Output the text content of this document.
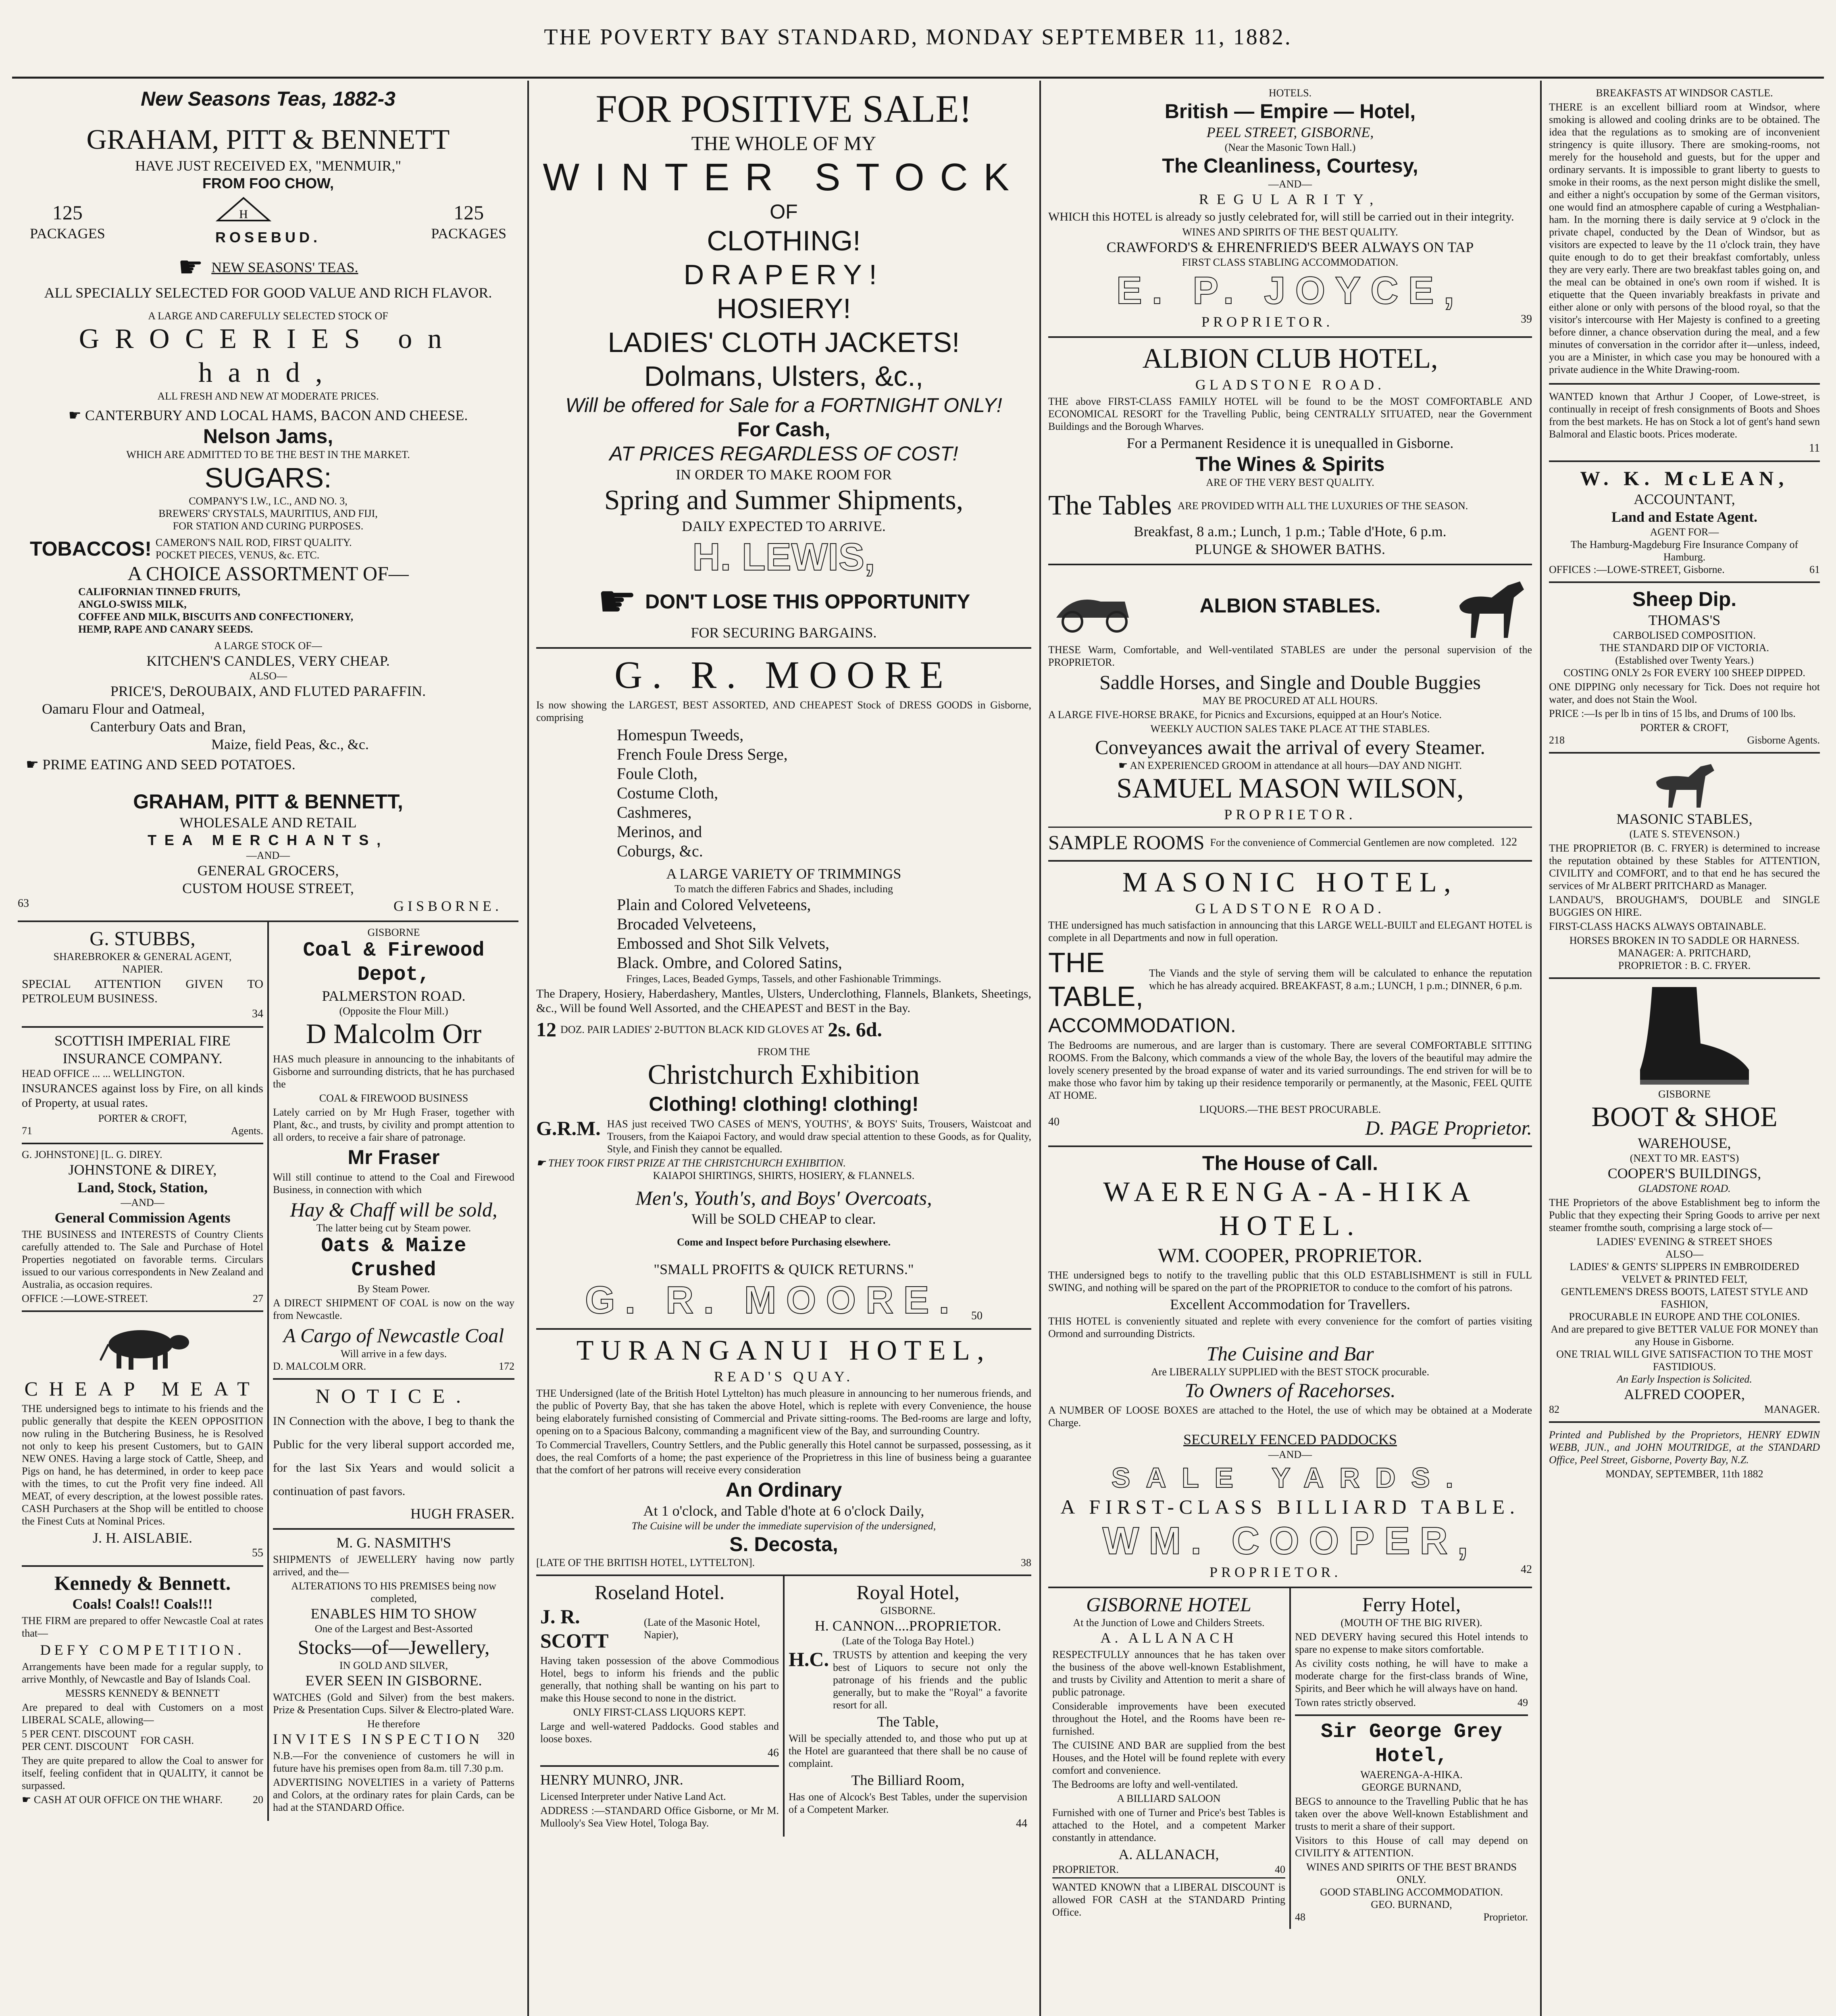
THE POVERTY BAY STANDARD, MONDAY SEPTEMBER 11, 1882.
New Seasons Teas, 1882-3
GRAHAM, PITT & BENNETT
HAVE JUST RECEIVED EX, "MENMUIR,"
FROM FOO CHOW,
125
PACKAGES
H
ROSEBUD.
125
PACKAGES
☛ NEW SEASONS' TEAS.
ALL SPECIALLY SELECTED FOR GOOD VALUE AND RICH FLAVOR.
A LARGE AND CAREFULLY SELECTED STOCK OF
GROCERIES on hand,
ALL FRESH AND NEW AT MODERATE PRICES.
☛ CANTERBURY AND LOCAL HAMS, BACON AND CHEESE.
Nelson Jams,
WHICH ARE ADMITTED TO BE THE BEST IN THE MARKET.
SUGARS:
COMPANY'S I.W., I.C., AND NO. 3,
BREWERS' CRYSTALS, MAURITIUS, AND FIJI,
FOR STATION AND CURING PURPOSES.
TOBACCOS! CAMERON'S NAIL ROD, FIRST QUALITY.
POCKET PIECES, VENUS, &c. ETC.
A CHOICE ASSORTMENT OF—
CALIFORNIAN TINNED FRUITS,
ANGLO-SWISS MILK,
COFFEE AND MILK, BISCUITS AND CONFECTIONERY,
HEMP, RAPE AND CANARY SEEDS.
A LARGE STOCK OF—
KITCHEN'S CANDLES, VERY CHEAP.
ALSO—
PRICE'S, DeROUBAIX, AND FLUTED PARAFFIN.
Oamaru Flour and Oatmeal,
Canterbury Oats and Bran,
Maize, field Peas, &c., &c.
☛ PRIME EATING AND SEED POTATOES.
GRAHAM, PITT & BENNETT,
WHOLESALE AND RETAIL
TEA MERCHANTS,
—AND—
GENERAL GROCERS,
CUSTOM HOUSE STREET,
63	GISBORNE.
G. STUBBS,
SHAREBROKER & GENERAL AGENT,
NAPIER.
SPECIAL ATTENTION GIVEN TO PETROLEUM BUSINESS.
34
SCOTTISH IMPERIAL FIRE INSURANCE COMPANY.
HEAD OFFICE ... ... WELLINGTON.
INSURANCES against loss by Fire, on all kinds of Property, at usual rates.
PORTER & CROFT,
71	Agents.
G. JOHNSTONE] [L. G. DIREY.
JOHNSTONE & DIREY,
Land, Stock, Station,
—AND—
General Commission Agents
THE BUSINESS and INTERESTS of Country Clients carefully attended to. The Sale and Purchase of Hotel Properties negotiated on favorable terms. Circulars issued to our various correspondents in New Zealand and Australia, as occasion requires.
OFFICE :—LOWE-STREET.	27
CHEAP MEAT
THE undersigned begs to intimate to his friends and the public generally that despite the KEEN OPPOSITION now ruling in the Butchering Business, he is Resolved not only to keep his present Customers, but to GAIN NEW ONES. Having a large stock of Cattle, Sheep, and Pigs on hand, he has determined, in order to keep pace with the times, to cut the Profit very fine indeed. All MEAT, of every description, at the lowest possible rates. CASH Purchasers at the Shop will be entitled to choose the Finest Cuts at Nominal Prices.
J. H. AISLABIE.
55
Kennedy & Bennett.
Coals! Coals!! Coals!!!
THE FIRM are prepared to offer Newcastle Coal at rates that—
DEFY COMPETITION.
Arrangements have been made for a regular supply, to arrive Monthly, of Newcastle and Bay of Islands Coal.
MESSRS KENNEDY & BENNETT
Are prepared to deal with Customers on a most LIBERAL SCALE, allowing—
5 PER CENT. DISCOUNT
PER CENT. DISCOUNT
FOR CASH.
They are quite prepared to allow the Coal to answer for itself, feeling confident that in QUALITY, it cannot be surpassed.
☛ CASH AT OUR OFFICE ON THE WHARF.	20
GISBORNE
Coal & Firewood Depot,
PALMERSTON ROAD.
(Opposite the Flour Mill.)
D Malcolm Orr
HAS much pleasure in announcing to the inhabitants of Gisborne and surrounding districts, that he has purchased the
COAL & FIREWOOD BUSINESS
Lately carried on by Mr Hugh Fraser, together with Plant, &c., and trusts, by civility and prompt attention to all orders, to receive a fair share of patronage.
Mr Fraser
Will still continue to attend to the Coal and Firewood Business, in connection with which
Hay & Chaff will be sold,
The latter being cut by Steam power.
Oats & Maize Crushed
By Steam Power.
A DIRECT SHIPMENT OF COAL is now on the way from Newcastle.
A Cargo of Newcastle Coal
Will arrive in a few days.
D. MALCOLM ORR.	172
NOTICE.
IN Connection with the above, I beg to thank the Public for the very liberal support accorded me, for the last Six Years and would solicit a continuation of past favors.
HUGH FRASER.
M. G. NASMITH'S
SHIPMENTS of JEWELLERY having now partly arrived, and the—
ALTERATIONS TO HIS PREMISES being now completed,
ENABLES HIM TO SHOW
One of the Largest and Best-Assorted
Stocks—of—Jewellery,
IN GOLD AND SILVER,
EVER SEEN IN GISBORNE.
WATCHES (Gold and Silver) from the best makers. Prize & Presentation Cups. Silver & Electro-plated Ware.
He therefore
INVITES INSPECTION 320
N.B.—For the convenience of customers he will in future have his premises open from 8a.m. till 7.30 p.m.
ADVERTISING NOVELTIES in a variety of Patterns and Colors, at the ordinary rates for plain Cards, can be had at the STANDARD Office.
FOR POSITIVE SALE!
THE WHOLE OF MY
WINTER STOCK
OF
CLOTHING!
DRAPERY!
HOSIERY!
LADIES' CLOTH JACKETS!
Dolmans, Ulsters, &c.,
Will be offered for Sale for a FORTNIGHT ONLY!
For Cash,
AT PRICES REGARDLESS OF COST!
IN ORDER TO MAKE ROOM FOR
Spring and Summer Shipments,
DAILY EXPECTED TO ARRIVE.
H. LEWIS,
☛ DON'T LOSE THIS OPPORTUNITY
FOR SECURING BARGAINS.
G. R. MOORE
Is now showing the LARGEST, BEST ASSORTED, AND CHEAPEST Stock of DRESS GOODS in Gisborne, comprising
Homespun Tweeds,
French Foule Dress Serge,
Foule Cloth,
Costume Cloth,
Cashmeres,
Merinos, and
Coburgs, &c.
A LARGE VARIETY OF TRIMMINGS
To match the differen Fabrics and Shades, including
Plain and Colored Velveteens,
Brocaded Velveteens,
Embossed and Shot Silk Velvets,
Black. Ombre, and Colored Satins,
Fringes, Laces, Beaded Gymps, Tassels, and other Fashionable Trimmings.
The Drapery, Hosiery, Haberdashery, Mantles, Ulsters, Underclothing, Flannels, Blankets, Sheetings, &c., Will be found Well Assorted, and the CHEAPEST and BEST in the Bay.
12 DOZ. PAIR LADIES' 2-BUTTON BLACK KID GLOVES AT 2s. 6d.
FROM THE
Christchurch Exhibition
Clothing! clothing! clothing!
G.R.M. HAS just received TWO CASES of MEN'S, YOUTHS', & BOYS' Suits, Trousers, Waistcoat and Trousers, from the Kaiapoi Factory, and would draw special attention to these Goods, as for Quality, Style, and Finish they cannot be equalled.
☛ THEY TOOK FIRST PRIZE AT THE CHRISTCHURCH EXHIBITION.
KAIAPOI SHIRTINGS, SHIRTS, HOSIERY, & FLANNELS.
Men's, Youth's, and Boys' Overcoats,
Will be SOLD CHEAP to clear.
Come and Inspect before Purchasing elsewhere.
"SMALL PROFITS & QUICK RETURNS."
G. R. MOORE. 50
TURANGANUI HOTEL,
READ'S QUAY.
THE Undersigned (late of the British Hotel Lyttelton) has much pleasure in announcing to her numerous friends, and the public of Poverty Bay, that she has taken the above Hotel, which is replete with every Convenience, the house being elaborately furnished consisting of Commercial and Private sitting-rooms. The Bed-rooms are large and lofty, opening on to a Spacious Balcony, commanding a magnificent view of the Bay, and surrounding Country.
To Commercial Travellers, Country Settlers, and the Public generally this Hotel cannot be surpassed, possessing, as it does, the real Comforts of a home; the past experience of the Proprietress in this line of business being a guarantee that the comfort of her patrons will receive every consideration
An Ordinary
At 1 o'clock, and Table d'hote at 6 o'clock Daily,
The Cuisine will be under the immediate supervision of the undersigned,
S. Decosta,
[LATE OF THE BRITISH HOTEL, LYTTELTON].	38
Roseland Hotel.
J. R. SCOTT
(Late of the Masonic Hotel, Napier),
Having taken possession of the above Commodious Hotel, begs to inform his friends and the public generally, that nothing shall be wanting on his part to make this House second to none in the district.
ONLY FIRST-CLASS LIQUORS KEPT.
Large and well-watered Paddocks. Good stables and loose boxes.
46
HENRY MUNRO, JNR.
Licensed Interpreter under Native Land Act.
ADDRESS :—STANDARD Office Gisborne, or Mr M. Mullooly's Sea View Hotel, Tologa Bay.
Royal Hotel,
GISBORNE.
H. CANNON....PROPRIETOR.
(Late of the Tologa Bay Hotel.)
H.C. TRUSTS by attention and keeping the very best of Liquors to secure not only the patronage of his friends and the public generally, but to make the "Royal" a favorite resort for all.
The Table,
Will be specially attended to, and those who put up at the Hotel are guaranteed that there shall be no cause of complaint.
The Billiard Room,
Has one of Alcock's Best Tables, under the supervision of a Competent Marker.
44
HOTELS.
British — Empire — Hotel,
PEEL STREET, GISBORNE,
(Near the Masonic Town Hall.)
The Cleanliness, Courtesy,
—AND—
REGULARITY,
WHICH this HOTEL is already so justly celebrated for, will still be carried out in their integrity.
WINES AND SPIRITS OF THE BEST QUALITY.
CRAWFORD'S & EHRENFRIED'S BEER ALWAYS ON TAP
FIRST CLASS STABLING ACCOMMODATION.
E. P. JOYCE,
PROPRIETOR.	39
ALBION CLUB HOTEL,
GLADSTONE ROAD.
THE above FIRST-CLASS FAMILY HOTEL will be found to be the MOST COMFORTABLE AND ECONOMICAL RESORT for the Travelling Public, being CENTRALLY SITUATED, near the Government Buildings and the Borough Wharves.
For a Permanent Residence it is unequalled in Gisborne.
The Wines & Spirits
ARE OF THE VERY BEST QUALITY.
The Tables ARE PROVIDED WITH ALL THE LUXURIES OF THE SEASON.
Breakfast, 8 a.m.; Lunch, 1 p.m.; Table d'Hote, 6 p.m.
PLUNGE & SHOWER BATHS.
ALBION STABLES.
THESE Warm, Comfortable, and Well-ventilated STABLES are under the personal supervision of the PROPRIETOR.
Saddle Horses, and Single and Double Buggies
MAY BE PROCURED AT ALL HOURS.
A LARGE FIVE-HORSE BRAKE, for Picnics and Excursions, equipped at an Hour's Notice.
WEEKLY AUCTION SALES TAKE PLACE AT THE STABLES.
Conveyances await the arrival of every Steamer.
☛ AN EXPERIENCED GROOM in attendance at all hours—DAY AND NIGHT.
SAMUEL MASON WILSON,
PROPRIETOR.
SAMPLE ROOMS For the convenience of Commercial Gentlemen are now completed. 122
MASONIC HOTEL,
GLADSTONE ROAD.
THE undersigned has much satisfaction in announcing that this LARGE WELL-BUILT and ELEGANT HOTEL is complete in all Departments and now in full operation.
THE TABLE,
The Viands and the style of serving them will be calculated to enhance the reputation which he has already acquired. BREAKFAST, 8 a.m.; LUNCH, 1 p.m.; DINNER, 6 p.m.
ACCOMMODATION.
The Bedrooms are numerous, and are larger than is customary. There are several COMFORTABLE SITTING ROOMS. From the Balcony, which commands a view of the whole Bay, the lovers of the beautiful may admire the lovely scenery presented by the broad expanse of water and its varied surroundings. The end striven for will be to make those who favor him by taking up their residence temporarily or permanently, at the Masonic, FEEL QUITE AT HOME.
LIQUORS.—THE BEST PROCURABLE.
40	D. PAGE Proprietor.
The House of Call.
WAERENGA-A-HIKA HOTEL.
WM. COOPER, PROPRIETOR.
THE undersigned begs to notify to the travelling public that this OLD ESTABLISHMENT is still in FULL SWING, and nothing will be spared on the part of the PROPRIETOR to conduce to the comfort of his patrons.
Excellent Accommodation for Travellers.
THIS HOTEL is conveniently situated and replete with every convenience for the comfort of parties visiting Ormond and surrounding Districts.
The Cuisine and Bar
Are LIBERALLY SUPPLIED with the BEST STOCK procurable.
To Owners of Racehorses.
A NUMBER OF LOOSE BOXES are attached to the Hotel, the use of which may be obtained at a Moderate Charge.
SECURELY FENCED PADDOCKS
—AND—
SALE YARDS.
A FIRST-CLASS BILLIARD TABLE.
WM. COOPER,
PROPRIETOR.	42
GISBORNE HOTEL
At the Junction of Lowe and Childers Streets.
A. ALLANACH
RESPECTFULLY announces that he has taken over the business of the above well-known Establishment, and trusts by Civility and Attention to merit a share of public patronage.
Considerable improvements have been executed throughout the Hotel, and the Rooms have been re-furnished.
The CUISINE AND BAR are supplied from the best Houses, and the Hotel will be found replete with every comfort and convenience.
The Bedrooms are lofty and well-ventilated.
A BILLIARD SALOON
Furnished with one of Turner and Price's best Tables is attached to the Hotel, and a competent Marker constantly in attendance.
A. ALLANACH,
PROPRIETOR.	40
WANTED KNOWN that a LIBERAL DISCOUNT is allowed FOR CASH at the STANDARD Printing Office.
Ferry Hotel,
(MOUTH OF THE BIG RIVER).
NED DEVERY having secured this Hotel intends to spare no expense to make sitors comfortable.
As civility costs nothing, he will have to make a moderate charge for the first-class brands of Wine, Spirits, and Beer which he will always have on hand.
Town rates strictly observed.	49
Sir George Grey Hotel,
WAERENGA-A-HIKA.
GEORGE BURNAND,
BEGS to announce to the Travelling Public that he has taken over the above Well-known Establishment and trusts to merit a share of their support.
Visitors to this House of call may depend on CIVILITY & ATTENTION.
WINES AND SPIRITS OF THE BEST BRANDS ONLY.
GOOD STABLING ACCOMMODATION.
GEO. BURNAND,
48	Proprietor.
BREAKFASTS AT WINDSOR CASTLE.
THERE is an excellent billiard room at Windsor, where smoking is allowed and cooling drinks are to be obtained. The idea that the regulations as to smoking are of inconvenient stringency is quite illusory. There are smoking-rooms, not merely for the household and guests, but for the upper and ordinary servants. It is impossible to grant liberty to guests to smoke in their rooms, as the next person might dislike the smell, and either a night's occupation by some of the German visitors, one would find an atmosphere capable of curing a Westphalian-ham. In the morning there is daily service at 9 o'clock in the private chapel, conducted by the Dean of Windsor, but as visitors are expected to leave by the 11 o'clock train, they have quite enough to do to get their breakfast comfortably, unless they are very early. There are two breakfast tables going on, and the meal can be obtained in one's own room if wished. It is etiquette that the Queen invariably breakfasts in private and either alone or only with persons of the blood royal, so that the visitor's intercourse with Her Majesty is confined to a greeting before dinner, a chance observation during the meal, and a few minutes of conversation in the corridor after it—unless, indeed, you are a Minister, in which case you may be honoured with a private audience in the White Drawing-room.
WANTED known that Arthur J Cooper, of Lowe-street, is continually in receipt of fresh consignments of Boots and Shoes from the best markets. He has on Stock a lot of gent's hand sewn Balmoral and Elastic boots. Prices moderate.
11
W. K. McLEAN,
ACCOUNTANT,
Land and Estate Agent.
AGENT FOR—
The Hamburg-Magdeburg Fire Insurance Company of Hamburg.
OFFICES :—LOWE-STREET, Gisborne.	61
Sheep Dip.
THOMAS'S
CARBOLISED COMPOSITION.
THE STANDARD DIP OF VICTORIA.
(Established over Twenty Years.)
COSTING ONLY 2s FOR EVERY 100 SHEEP DIPPED.
ONE DIPPING only necessary for Tick. Does not require hot water, and does not Stain the Wool.
PRICE :—Is per lb in tins of 15 lbs, and Drums of 100 lbs.
PORTER & CROFT,
218	Gisborne Agents.
MASONIC STABLES,
(LATE S. STEVENSON.)
THE PROPRIETOR (B. C. FRYER) is determined to increase the reputation obtained by these Stables for ATTENTION, CIVILITY and COMFORT, and to that end he has secured the services of Mr ALBERT PRITCHARD as Manager.
LANDAU'S, BROUGHAM'S, DOUBLE and SINGLE BUGGIES ON HIRE.
FIRST-CLASS HACKS ALWAYS OBTAINABLE.
HORSES BROKEN IN TO SADDLE OR HARNESS.
MANAGER: A. PRITCHARD,
PROPRIETOR : B. C. FRYER.
GISBORNE
BOOT & SHOE
WAREHOUSE,
(NEXT TO MR. EAST'S)
COOPER'S BUILDINGS,
GLADSTONE ROAD.
THE Proprietors of the above Establishment beg to inform the Public that they expecting their Spring Goods to arrive per next steamer fromthe south, comprising a large stock of—
LADIES' EVENING & STREET SHOES
ALSO—
LADIES' & GENTS' SLIPPERS IN EMBROIDERED VELVET & PRINTED FELT,
GENTLEMEN'S DRESS BOOTS, LATEST STYLE AND FASHION,
PROCURABLE IN EUROPE AND THE COLONIES.
And are prepared to give BETTER VALUE FOR MONEY than any House in Gisborne.
ONE TRIAL WILL GIVE SATISFACTION TO THE MOST FASTIDIOUS.
An Early Inspection is Solicited.
ALFRED COOPER,
82	MANAGER.
Printed and Published by the Proprietors, HENRY EDWIN WEBB, JUN., and JOHN MOUTRIDGE, at the STANDARD Office, Peel Street, Gisborne, Poverty Bay, N.Z.
MONDAY, SEPTEMBER, 11th 1882
